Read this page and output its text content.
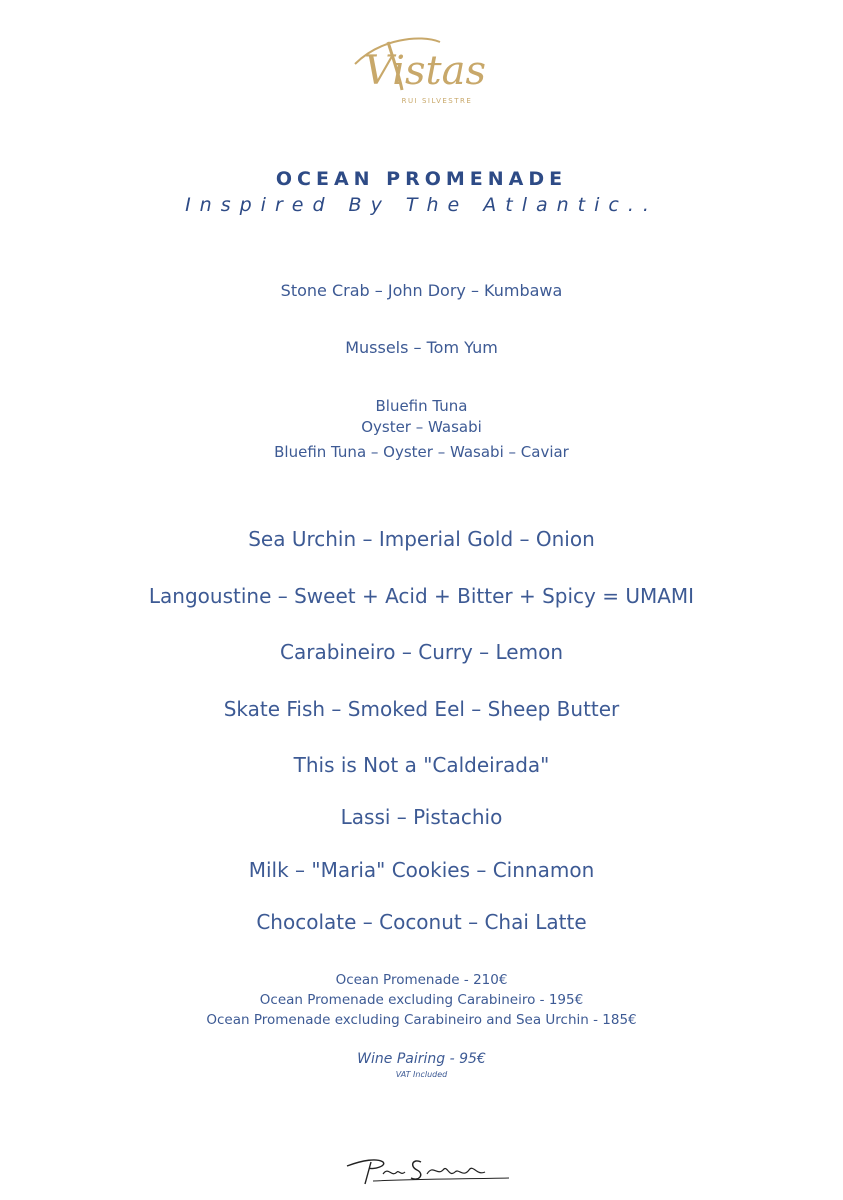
Vistas
RUI SILVESTRE
OCEAN PROMENADE
Inspired By The Atlantic..
Stone Crab – John Dory – Kumbawa
Mussels – Tom Yum
Bluefin Tuna
Oyster – Wasabi
Bluefin Tuna – Oyster – Wasabi – Caviar
Sea Urchin – Imperial Gold – Onion
Langoustine – Sweet + Acid + Bitter + Spicy = UMAMI
Carabineiro – Curry – Lemon
Skate Fish – Smoked Eel – Sheep Butter
This is Not a "Caldeirada"
Lassi – Pistachio
Milk – "Maria" Cookies – Cinnamon
Chocolate – Coconut – Chai Latte
Ocean Promenade - 210€
Ocean Promenade excluding Carabineiro - 195€
Ocean Promenade excluding Carabineiro and Sea Urchin - 185€
Wine Pairing - 95€
VAT Included
